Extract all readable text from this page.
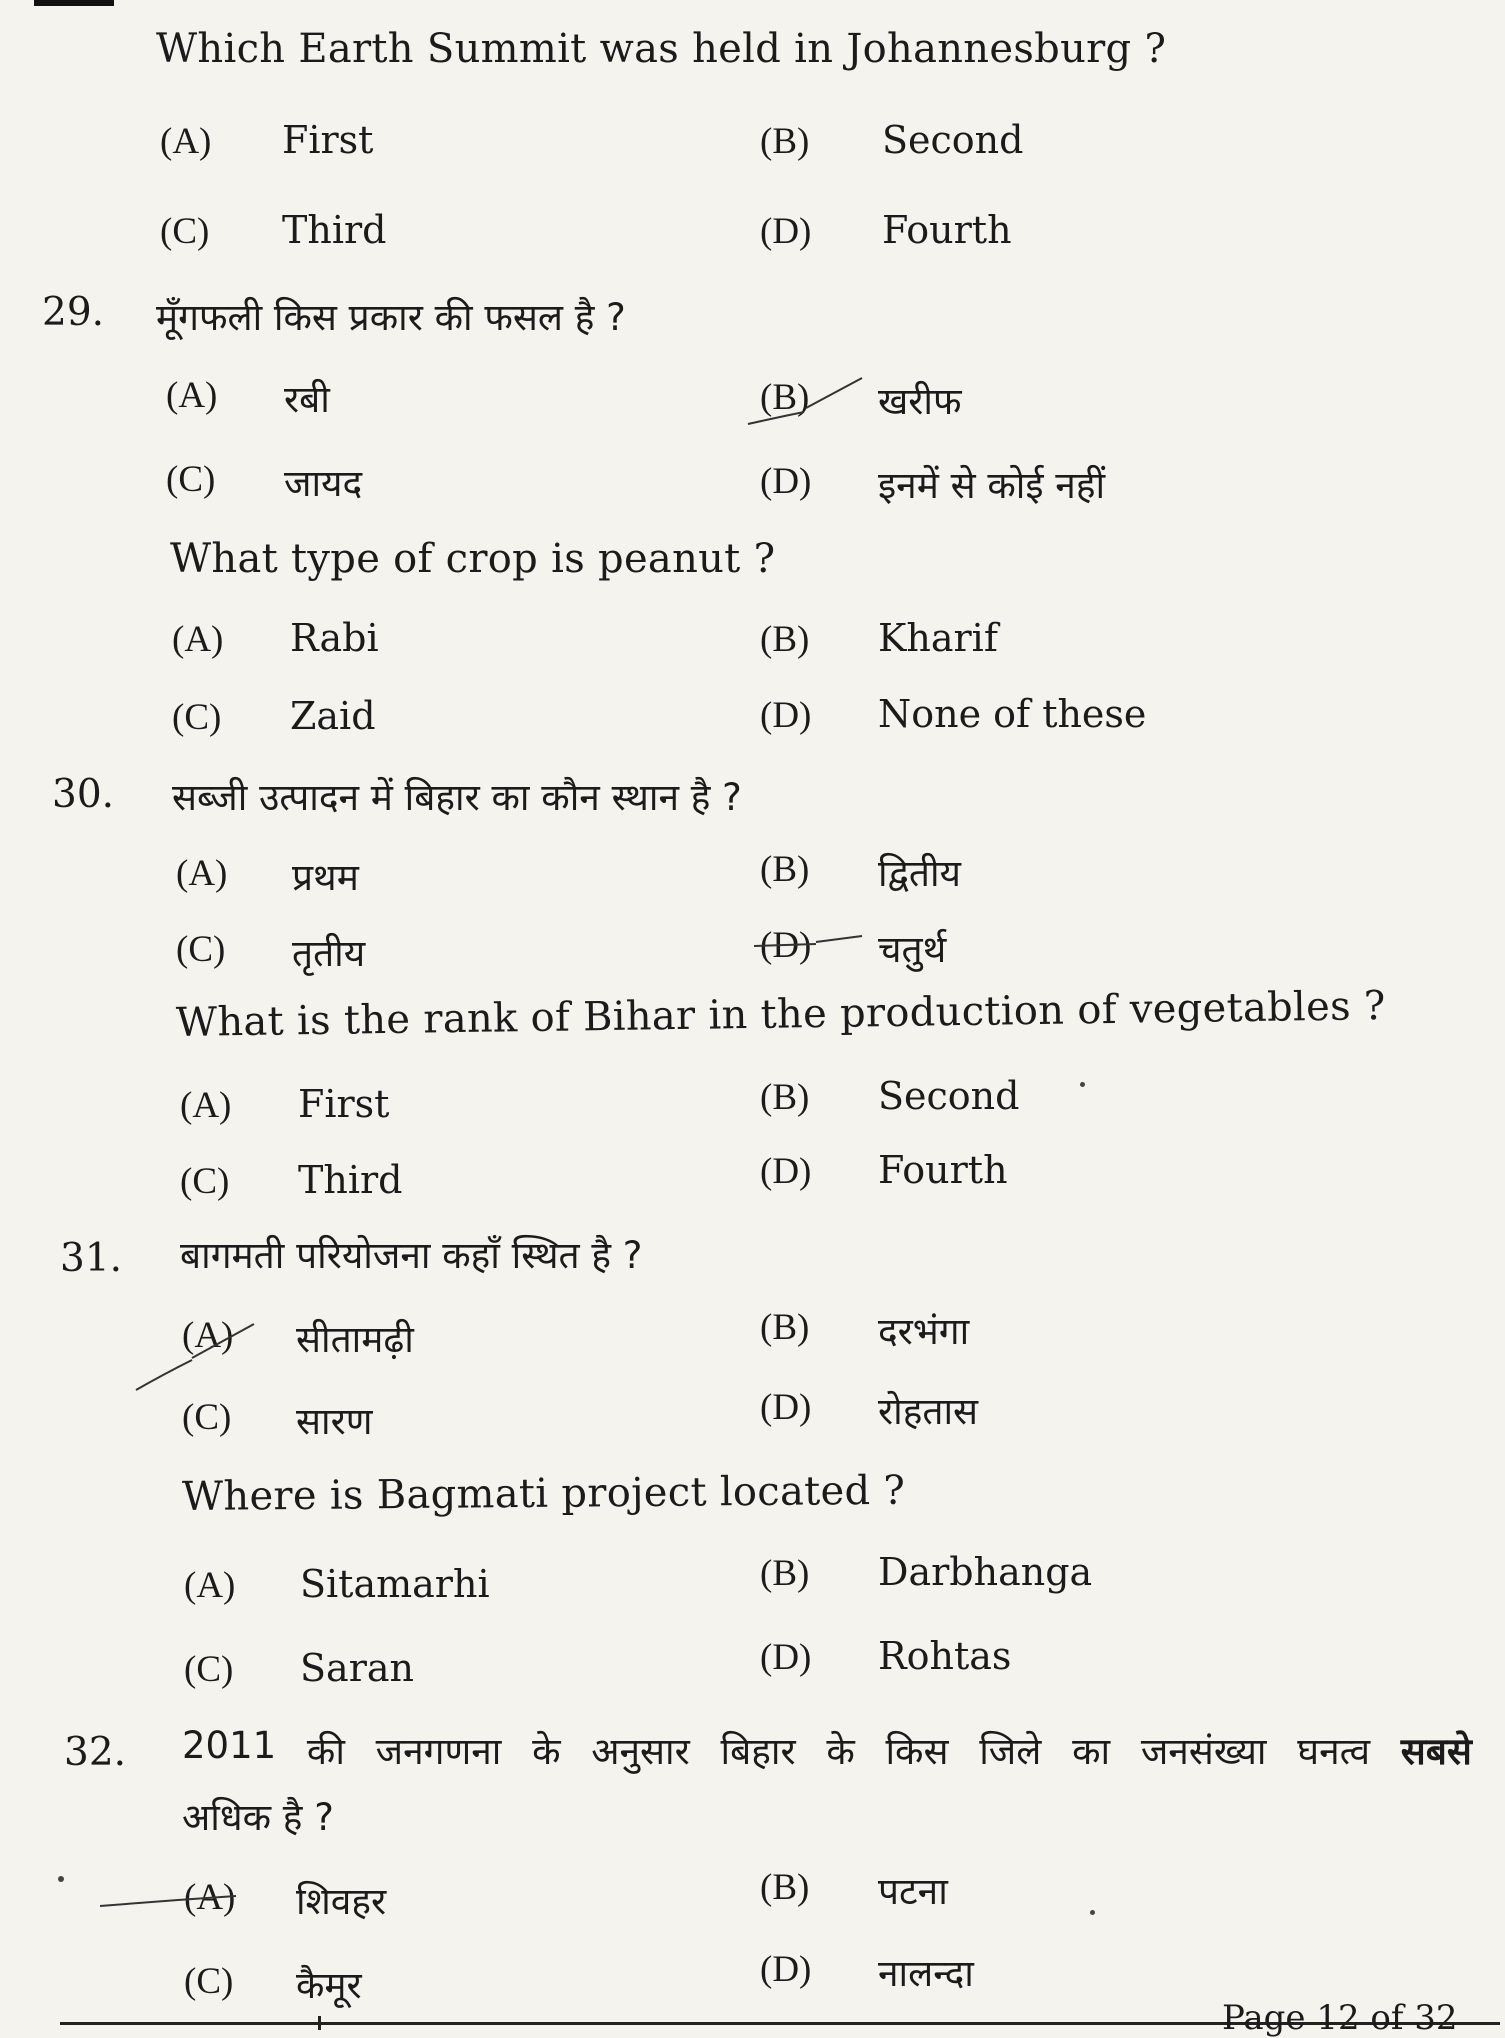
Which Earth Summit was held in Johannesburg ?
(A) First	(B) Second
(C) Third	(D) Fourth
29. मूँगफली किस प्रकार की फसल है ?
(A) रबी	(B) खरीफ
(C) जायद	(D) इनमें से कोई नहीं
What type of crop is peanut ?
(A) Rabi	(B) Kharif
(C) Zaid	(D) None of these
30. सब्जी उत्पादन में बिहार का कौन स्थान है ?
(A) प्रथम	(B) द्वितीय
(C) तृतीय	(D) चतुर्थ
What is the rank of Bihar in the production of vegetables ?
(A) First	(B) Second
(C) Third	(D) Fourth
31. बागमती परियोजना कहाँ स्थित है ?
(A) सीतामढ़ी	(B) दरभंगा
(C) सारण	(D) रोहतास
Where is Bagmati project located ?
(A) Sitamarhi	(B) Darbhanga
(C) Saran	(D) Rohtas
32. 2011 की जनगणना के अनुसार बिहार के किस जिले का जनसंख्या घनत्व सबसे
अधिक है ?
(A) शिवहर	(B) पटना
(C) कैमूर	(D) नालन्दा
Page 12 of 32
